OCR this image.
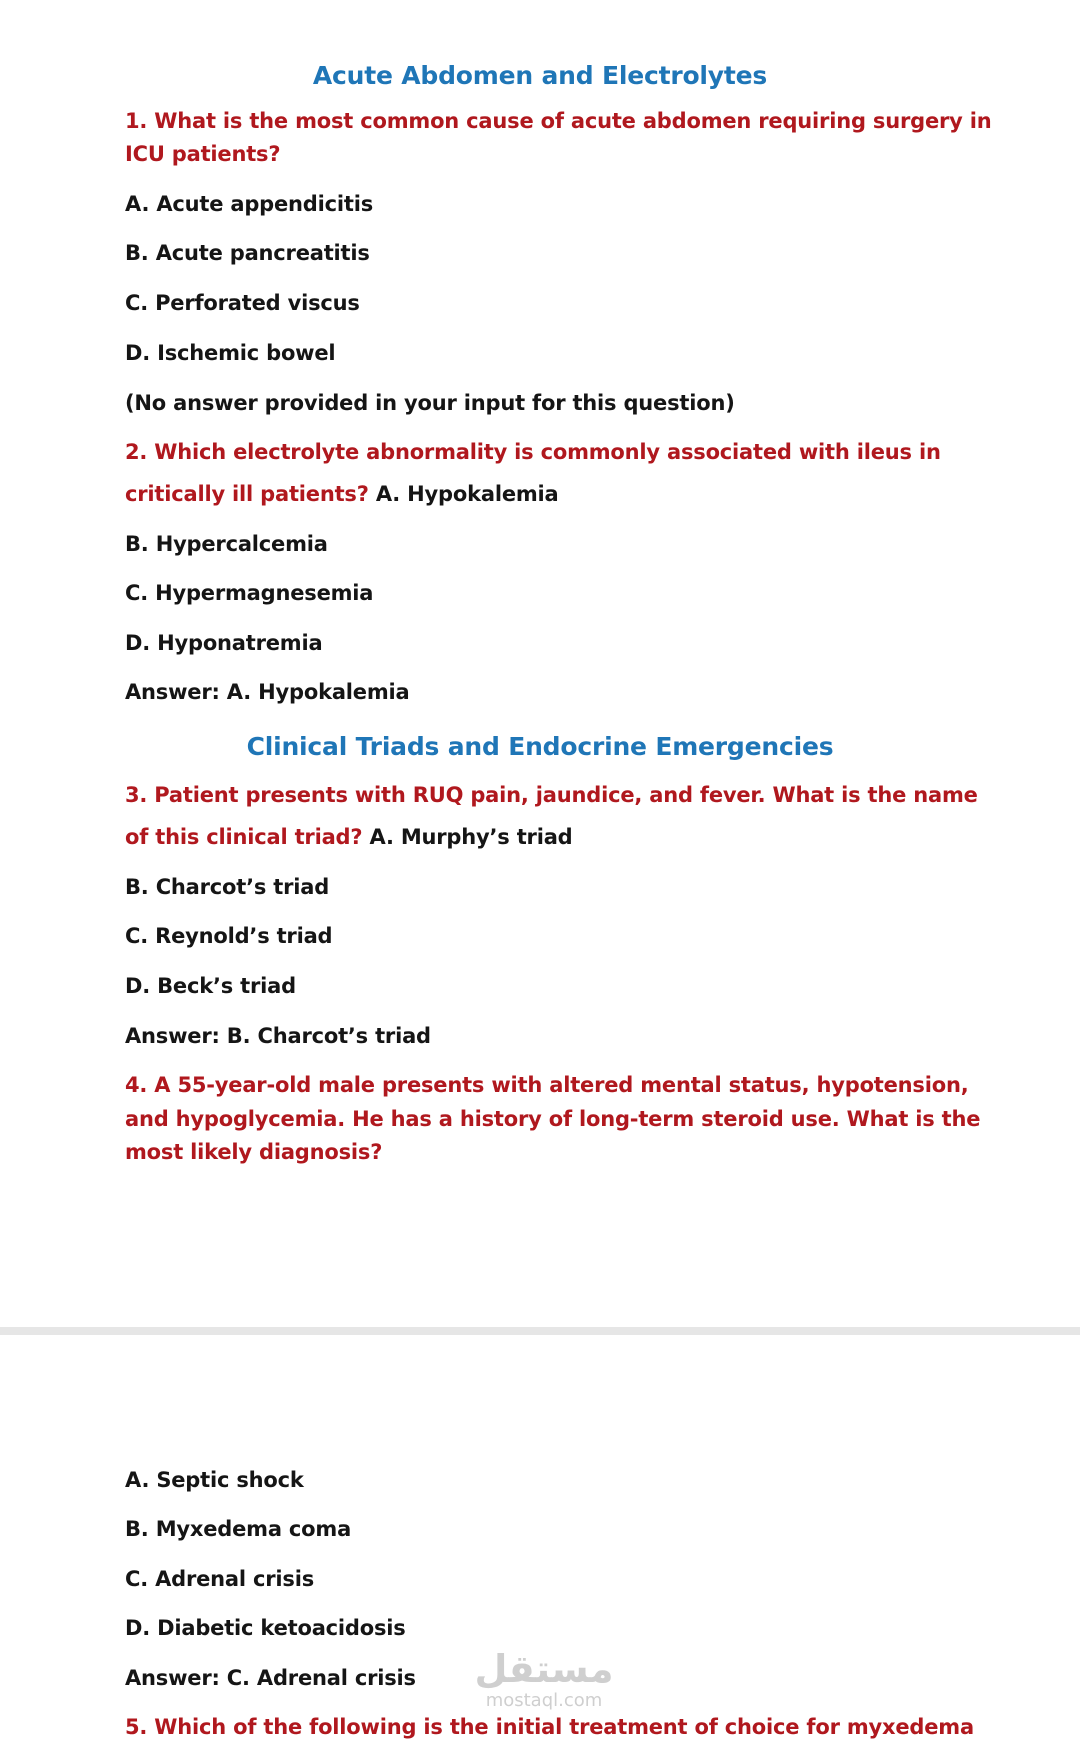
Acute Abdomen and Electrolytes
1. What is the most common cause of acute abdomen requiring surgery in
ICU patients?
A. Acute appendicitis
B. Acute pancreatitis
C. Perforated viscus
D. Ischemic bowel
(No answer provided in your input for this question)
2. Which electrolyte abnormality is commonly associated with ileus in
critically ill patients? A. Hypokalemia
B. Hypercalcemia
C. Hypermagnesemia
D. Hyponatremia
Answer: A. Hypokalemia
Clinical Triads and Endocrine Emergencies
3. Patient presents with RUQ pain, jaundice, and fever. What is the name
of this clinical triad? A. Murphy’s triad
B. Charcot’s triad
C. Reynold’s triad
D. Beck’s triad
Answer: B. Charcot’s triad
4. A 55-year-old male presents with altered mental status, hypotension,
and hypoglycemia. He has a history of long-term steroid use. What is the
most likely diagnosis?
A. Septic shock
B. Myxedema coma
C. Adrenal crisis
D. Diabetic ketoacidosis
Answer: C. Adrenal crisis
5. Which of the following is the initial treatment of choice for myxedema
مستقل
mostaql.com
